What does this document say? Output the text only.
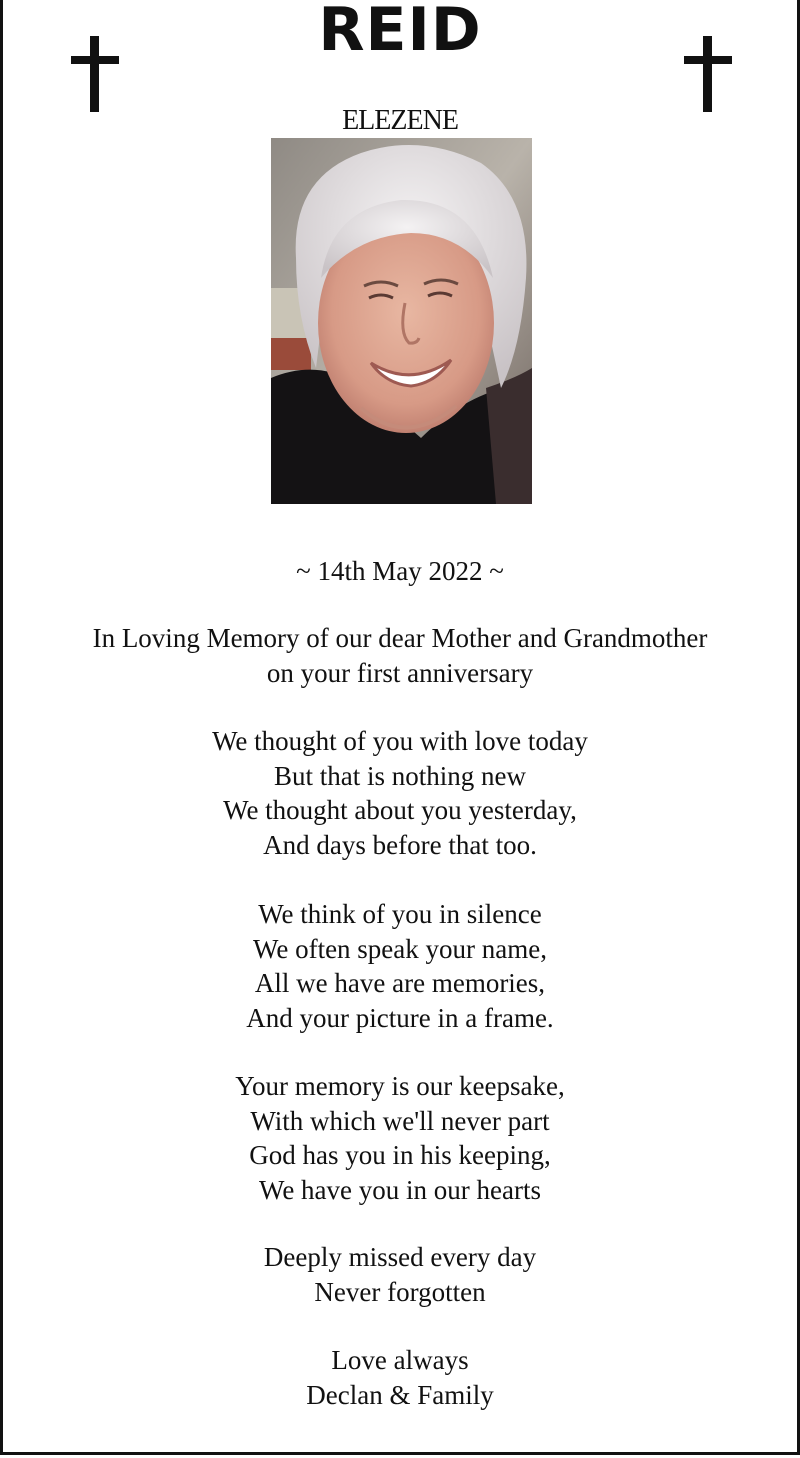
REID
ELEZENE
~ 14th May 2022 ~
In Loving Memory of our dear Mother and Grandmother
on your first anniversary
We thought of you with love today
But that is nothing new
We thought about you yesterday,
And days before that too.
We think of you in silence
We often speak your name,
All we have are memories,
And your picture in a frame.
Your memory is our keepsake,
With which we'll never part
God has you in his keeping,
We have you in our hearts
Deeply missed every day
Never forgotten
Love always
Declan & Family
